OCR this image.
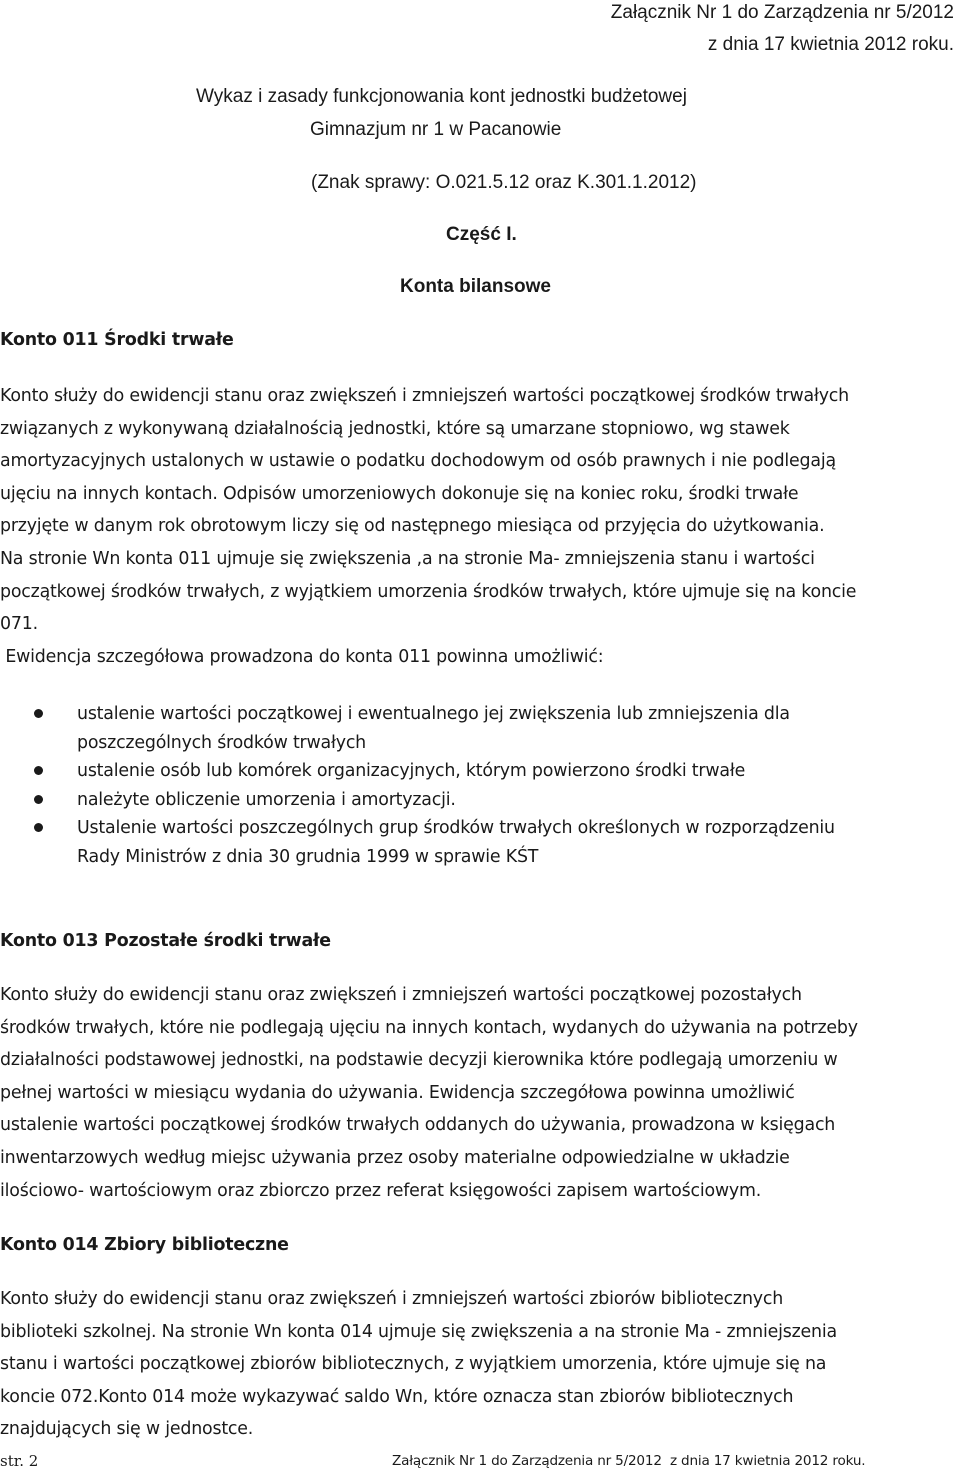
Załącznik Nr 1 do Zarządzenia nr 5/2012
z dnia 17 kwietnia 2012 roku.
Wykaz i zasady funkcjonowania kont jednostki budżetowej
Gimnazjum nr 1 w Pacanowie
(Znak sprawy: O.021.5.12 oraz K.301.1.2012)
Część I.
Konta bilansowe
Konto 011 Środki trwałe
Konto służy do ewidencji stanu oraz zwiększeń i zmniejszeń wartości początkowej środków trwałych
związanych z wykonywaną działalnością jednostki, które są umarzane stopniowo, wg stawek
amortyzacyjnych ustalonych w ustawie o podatku dochodowym od osób prawnych i nie podlegają
ujęciu na innych kontach. Odpisów umorzeniowych dokonuje się na koniec roku, środki trwałe
przyjęte w danym rok obrotowym liczy się od następnego miesiąca od przyjęcia do użytkowania.
Na stronie Wn konta 011 ujmuje się zwiększenia ,a na stronie Ma- zmniejszenia stanu i wartości
początkowej środków trwałych, z wyjątkiem umorzenia środków trwałych, które ujmuje się na koncie
071.
Ewidencja szczegółowa prowadzona do konta 011 powinna umożliwić:
ustalenie wartości początkowej i ewentualnego jej zwiększenia lub zmniejszenia dla
poszczególnych środków trwałych
ustalenie osób lub komórek organizacyjnych, którym powierzono środki trwałe
należyte obliczenie umorzenia i amortyzacji.
Ustalenie wartości poszczególnych grup środków trwałych określonych w rozporządzeniu
Rady Ministrów z dnia 30 grudnia 1999 w sprawie KŚT
Konto 013 Pozostałe środki trwałe
Konto służy do ewidencji stanu oraz zwiększeń i zmniejszeń wartości początkowej pozostałych
środków trwałych, które nie podlegają ujęciu na innych kontach, wydanych do używania na potrzeby
działalności podstawowej jednostki, na podstawie decyzji kierownika które podlegają umorzeniu w
pełnej wartości w miesiącu wydania do używania. Ewidencja szczegółowa powinna umożliwić
ustalenie wartości początkowej środków trwałych oddanych do używania, prowadzona w księgach
inwentarzowych według miejsc używania przez osoby materialne odpowiedzialne w układzie
ilościowo- wartościowym oraz zbiorczo przez referat księgowości zapisem wartościowym.
Konto 014 Zbiory biblioteczne
Konto służy do ewidencji stanu oraz zwiększeń i zmniejszeń wartości zbiorów bibliotecznych
biblioteki szkolnej. Na stronie Wn konta 014 ujmuje się zwiększenia a na stronie Ma - zmniejszenia
stanu i wartości początkowej zbiorów bibliotecznych, z wyjątkiem umorzenia, które ujmuje się na
koncie 072.Konto 014 może wykazywać saldo Wn, które oznacza stan zbiorów bibliotecznych
znajdujących się w jednostce.
str. 2	Załącznik Nr 1 do Zarządzenia nr 5/2012  z dnia 17 kwietnia 2012 roku.
